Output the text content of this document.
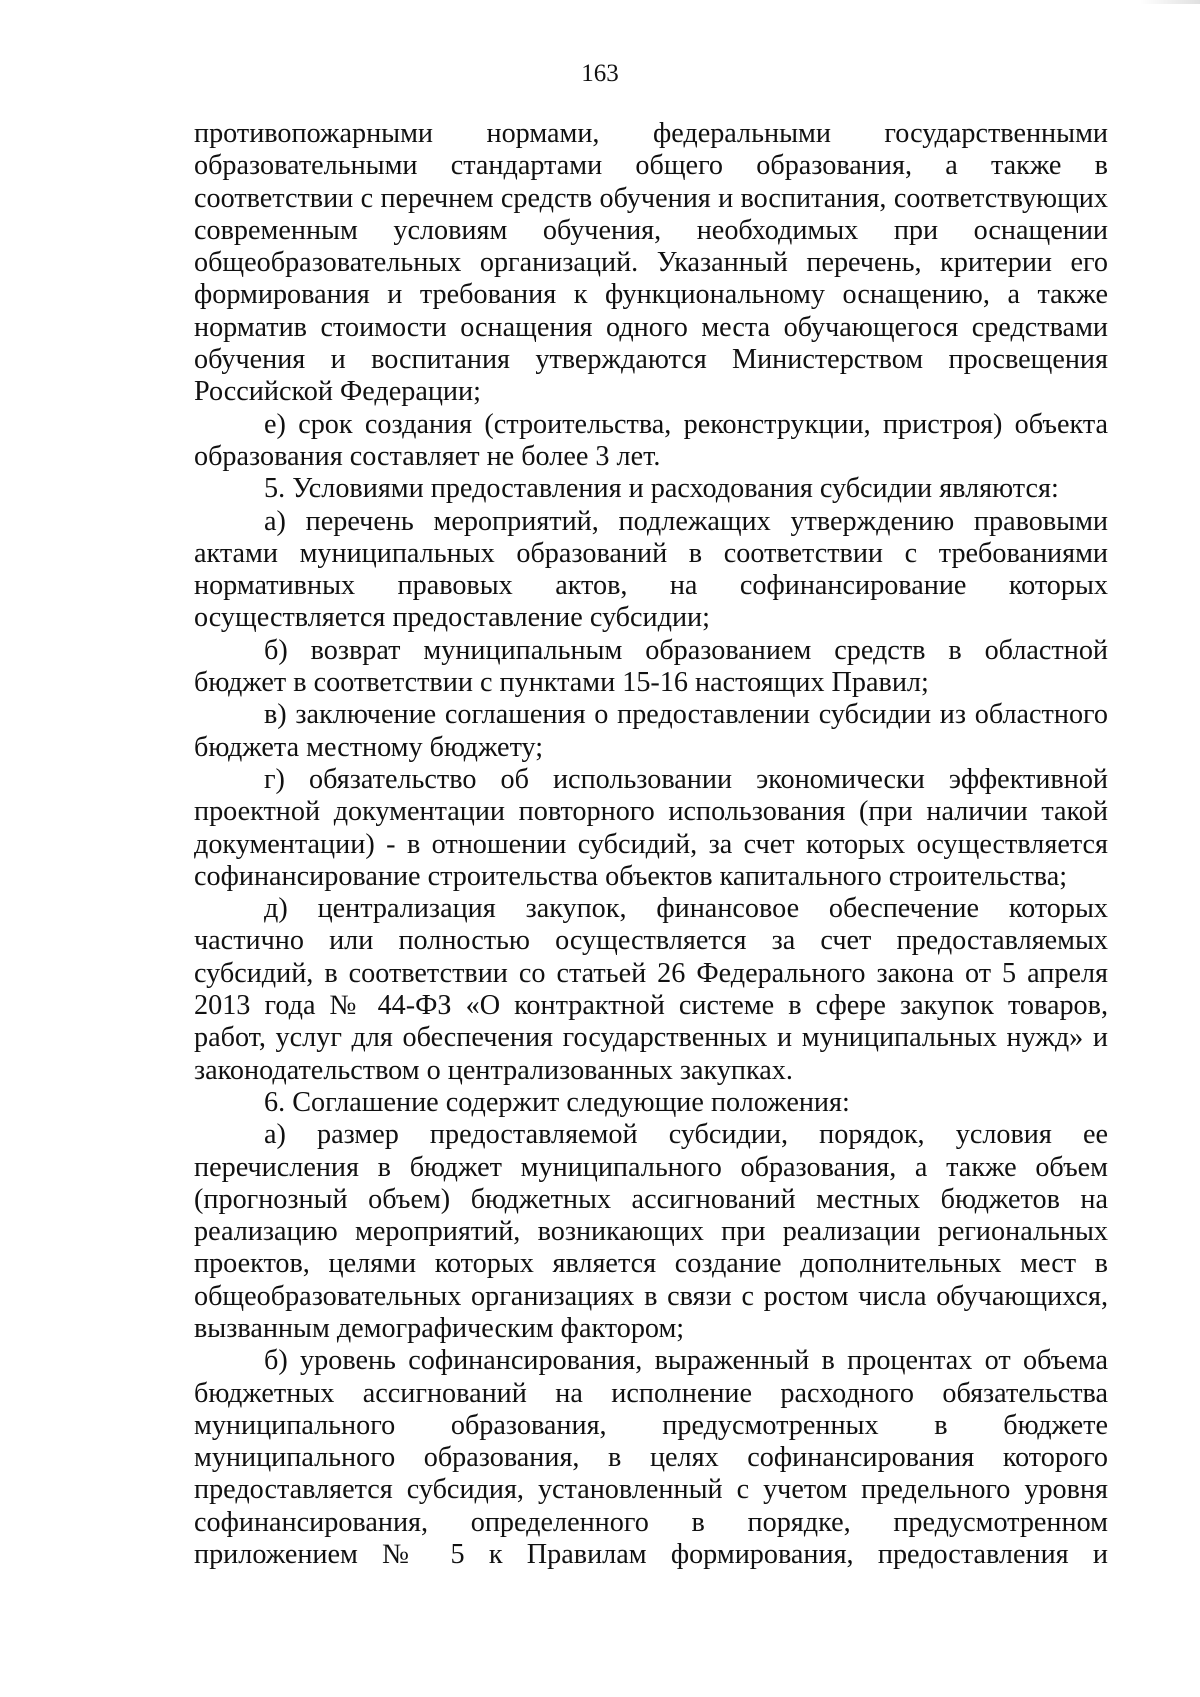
163

противопожарными нормами, федеральными государственными образовательными стандартами общего образования, а также в соответствии с перечнем средств обучения и воспитания, соответствующих современным условиям обучения, необходимых при оснащении общеобразовательных организаций. Указанный перечень, критерии его формирования и требования к функциональному оснащению, а также норматив стоимости оснащения одного места обучающегося средствами обучения и воспитания утверждаются Министерством просвещения Российской Федерации;

е) срок создания (строительства, реконструкции, пристроя) объекта образования составляет не более 3 лет.

5. Условиями предоставления и расходования субсидии являются:

а) перечень мероприятий, подлежащих утверждению правовыми актами муниципальных образований в соответствии с требованиями нормативных правовых актов, на софинансирование которых осуществляется предоставление субсидии;

б) возврат муниципальным образованием средств в областной бюджет в соответствии с пунктами 15-16 настоящих Правил;

в) заключение соглашения о предоставлении субсидии из областного бюджета местному бюджету;

г) обязательство об использовании экономически эффективной проектной документации повторного использования (при наличии такой документации) - в отношении субсидий, за счет которых осуществляется софинансирование строительства объектов капитального строительства;

д) централизация закупок, финансовое обеспечение которых частично или полностью осуществляется за счет предоставляемых субсидий, в соответствии со статьей 26 Федерального закона от 5 апреля 2013 года № 44-ФЗ «О контрактной системе в сфере закупок товаров, работ, услуг для обеспечения государственных и муниципальных нужд» и законодательством о централизованных закупках.

6. Соглашение содержит следующие положения:

а) размер предоставляемой субсидии, порядок, условия ее перечисления в бюджет муниципального образования, а также объем (прогнозный объем) бюджетных ассигнований местных бюджетов на реализацию мероприятий, возникающих при реализации региональных проектов, целями которых является создание дополнительных мест в общеобразовательных организациях в связи с ростом числа обучающихся, вызванным демографическим фактором;

б) уровень софинансирования, выраженный в процентах от объема бюджетных ассигнований на исполнение расходного обязательства муниципального образования, предусмотренных в бюджете муниципального образования, в целях софинансирования которого предоставляется субсидия, установленный с учетом предельного уровня софинансирования, определенного в порядке, предусмотренном приложением № 5 к Правилам формирования, предоставления и
